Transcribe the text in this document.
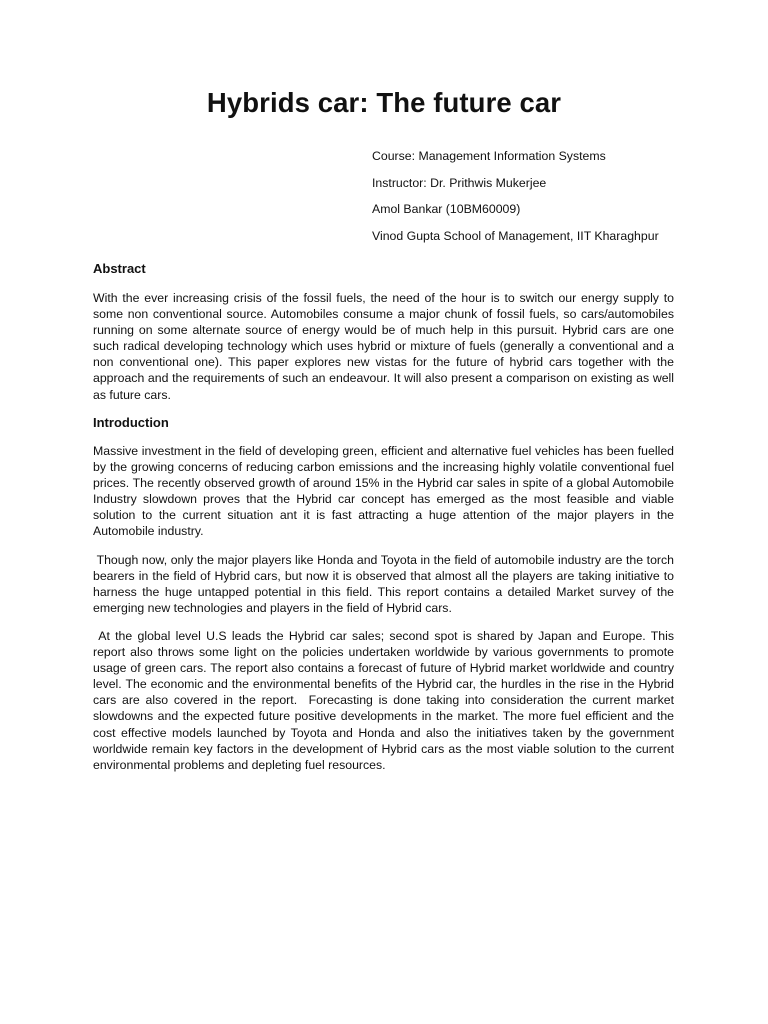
Hybrids car: The future car
Course: Management Information Systems
Instructor: Dr. Prithwis Mukerjee
Amol Bankar (10BM60009)
Vinod Gupta School of Management, IIT Kharaghpur
Abstract

With the ever increasing crisis of the fossil fuels, the need of the hour is to switch our energy supply to some non conventional source. Automobiles consume a major chunk of fossil fuels, so cars/automobiles running on some alternate source of energy would be of much help in this pursuit. Hybrid cars are one such radical developing technology which uses hybrid or mixture of fuels (generally a conventional and a non conventional one). This paper explores new vistas for the future of hybrid cars together with the approach and the requirements of such an endeavour. It will also present a comparison on existing as well as future cars.

Introduction

Massive investment in the field of developing green, efficient and alternative fuel vehicles has been fuelled by the growing concerns of reducing carbon emissions and the increasing highly volatile conventional fuel prices. The recently observed growth of around 15% in the Hybrid car sales in spite of a global Automobile Industry slowdown proves that the Hybrid car concept has emerged as the most feasible and viable solution to the current situation ant it is fast attracting a huge attention of the major players in the Automobile industry.

Though now, only the major players like Honda and Toyota in the field of automobile industry are the torch bearers in the field of Hybrid cars, but now it is observed that almost all the players are taking initiative to harness the huge untapped potential in this field. This report contains a detailed Market survey of the emerging new technologies and players in the field of Hybrid cars.

At the global level U.S leads the Hybrid car sales; second spot is shared by Japan and Europe. This report also throws some light on the policies undertaken worldwide by various governments to promote usage of green cars. The report also contains a forecast of future of Hybrid market worldwide and country level. The economic and the environmental benefits of the Hybrid car, the hurdles in the rise in the Hybrid cars are also covered in the report.  Forecasting is done taking into consideration the current market slowdowns and the expected future positive developments in the market. The more fuel efficient and the cost effective models launched by Toyota and Honda and also the initiatives taken by the government worldwide remain key factors in the development of Hybrid cars as the most viable solution to the current environmental problems and depleting fuel resources.
